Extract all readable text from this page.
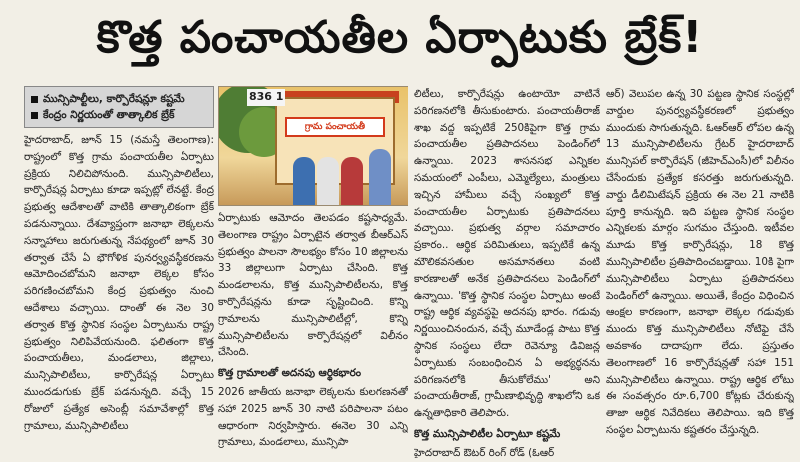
కొత్త పంచాయతీల ఏర్పాటుకు బ్రేక్!
మున్సిపాల్టీలు, కార్పొరేషన్లూ కష్టమే
కేంద్రం నిర్ణయంతో తాత్కాలిక బ్రేక్

హైదరాబాద్, జూన్ 15 (నమస్తే తెలంగాణ): రాష్ట్రంలో కొత్త గ్రామ పంచాయతీల ఏర్పాటు ప్రక్రియ నిలిచిపోనుంది. మున్సిపాలిటీలు, కార్పొరేషన్ల ఏర్పాటు కూడా ఇప్పట్లో లేనట్టే. కేంద్ర ప్రభుత్వ ఆదేశాలతో వాటికి తాత్కాలికంగా బ్రేక్ పడనున్నాయి. దేశవ్యాప్తంగా జనాభా లెక్కలను సన్నాహాలు జరుగుతున్న నేపథ్యంలో జూన్ 30 తర్వాత చేసే ఏ భౌగోళిక పునర్వ్యవస్థీకరణను ఆమోదించబోమని జనాభా లెక్కల కోసం పరిగణించబోమని కేంద్ర ప్రభుత్వం నుంచి ఆదేశాలు వచ్చాయి. దాంతో ఈ నెల 30 తర్వాత కొత్త స్థానిక సంస్థల ఏర్పాటును రాష్ట్ర ప్రభుత్వం నిలిపివేయనుంది. ఫలితంగా కొత్త పంచాయతీలు, మండలాలు, జిల్లాలు, మున్సిపాలిటీలు, కార్పొరేషన్ల ఏర్పాటు ముందడుగుకు బ్రేక్ పడనున్నది. వచ్చే 15 రోజులో ప్రత్యేక అసెంబ్లీ సమావేశాల్లో కొత్త గ్రామాలు, మున్సిపాలిటీలు

గ్రామ పంచాయతీ
836 1

ఏర్పాటుకు ఆమోదం తెలపడం కష్టసాధ్యమే. తెలంగాణ రాష్ట్రం ఏర్పాటైన తర్వాత బీఆర్ఎస్ ప్రభుత్వం పాలనా సౌలభ్యం కోసం 10 జిల్లాలను 33 జిల్లాలుగా ఏర్పాటు చేసింది. కొత్త మండలాలను, కొత్త మున్సిపాలిటీలను, కొత్త కార్పొరేషన్లను కూడా సృష్టించింది. కొన్ని గ్రామాలను మున్సిపాలిటీల్లో, కొన్ని మున్సిపాలిటీలను కార్పొరేషన్లలో విలీనం చేసింది.

కొత్త గ్రామాలతో అదనపు ఆర్థికభారం

2026 జాతీయ జనాభా లెక్కలను కులగణనతో సహా 2025 జూన్ 30 నాటి పరిపాలనా పటం ఆధారంగా నిర్వహిస్తారు. ఈనెల 30 ఎన్ని గ్రామాలు, మండలాలు, మున్సిపా

లిటీలు, కార్పొరేషన్లు ఉంటాయో వాటినే పరిగణనలోకి తీసుకుంటారు. పంచాయతీరాజ్ శాఖ వద్ద ఇప్పటికే 250కిపైగా కొత్త గ్రామ పంచాయతీల ప్రతిపాదనలు పెండింగ్‌లో ఉన్నాయి. 2023 శాసనసభ ఎన్నికల సమయంలో ఎంపీలు, ఎమ్మెల్యేలు, మంత్రులు ఇచ్చిన హామీలు వచ్చే సంఖ్యలో కొత్త పంచాయతీల ఏర్పాటుకు ప్రతిపాదనలు వచ్చాయి. ప్రభుత్వ వర్గాల సమాచారం ప్రకారం.. ఆర్థిక పరిమితులు, ఇప్పటికే ఉన్న మౌలికవసతుల అసమానతలు వంటి కారణాలతో అనేక ప్రతిపాదనలు పెండింగ్‌లో ఉన్నాయి. 'కొత్త స్థానిక సంస్థల ఏర్పాటు అంటే రాష్ట్ర ఆర్థిక వ్యవస్థపై అదనపు భారం. గడువు నిర్ణయించినందున, వచ్చే మూడేండ్ల పాటు కొత్త స్థానిక సంస్థలు లేదా రెవెన్యూ డివిజన్ల ఏర్పాటుకు సంబంధించిన ఏ అభ్యర్థనను పరిగణనలోకి తీసుకోలేము' అని పంచాయతీరాజ్, గ్రామీణాభివృద్ధి శాఖలోని ఒక ఉన్నతాధికారి తెలిపారు.

కొత్త మున్సిపాలిటీల ఏర్పాటూ కష్టమే

హైదరాబాద్ ఔటర్ రింగ్ రోడ్ (ఓఆర్

ఆర్) వెలుపల ఉన్న 30 పట్టణ స్థానిక సంస్థల్లో వార్డుల పునర్వ్యవస్థీకరణలో ప్రభుత్వం ముందుకు సాగుతున్నది. ఓఆర్ఆర్ లోపల ఉన్న 13 మున్సిపాలిటీలను గ్రేటర్ హైదరాబాద్ మున్సిపల్ కార్పొరేషన్ (జీహెచ్ఎంసీ)లో విలీనం చేసేందుకు ప్రత్యేక కసరత్తు జరుగుతున్నది. వార్డు డీలిమిటేషన్ ప్రక్రియ ఈ నెల 21 నాటికి పూర్తి కానున్నది. ఇది పట్టణ స్థానిక సంస్థల ఎన్నికలకు మార్గం సుగమం చేస్తుంది. ఇటీవల మూడు కొత్త కార్పొరేషన్లు, 18 కొత్త మున్సిపాలిటీల ప్రతిపాదించబడ్డాయి. 10కి పైగా మున్సిపాలిటీలు ఏర్పాటు ప్రతిపాదనలు పెండింగ్‌లో ఉన్నాయి. అయితే, కేంద్రం విధించిన ఆంక్షల కారణంగా, జనాభా లెక్కల గడువుకు ముందు కొత్త మున్సిపాలిటీలు నోటిఫై చేసే అవకాశం దాదాపుగా లేదు. ప్రస్తుతం తెలంగాణలో 16 కార్పొరేషన్లతో సహా 151 మున్సిపాలిటీలు ఉన్నాయి. రాష్ట్ర ఆర్థిక లోటు ఈ సంవత్సరం రూ.6,700 కోట్లకు చేరుకున్న తాజా ఆర్థిక నివేదికలు తెలిపాయి. ఇది కొత్త సంస్థల ఏర్పాటును కష్టతరం చేస్తున్నది.
